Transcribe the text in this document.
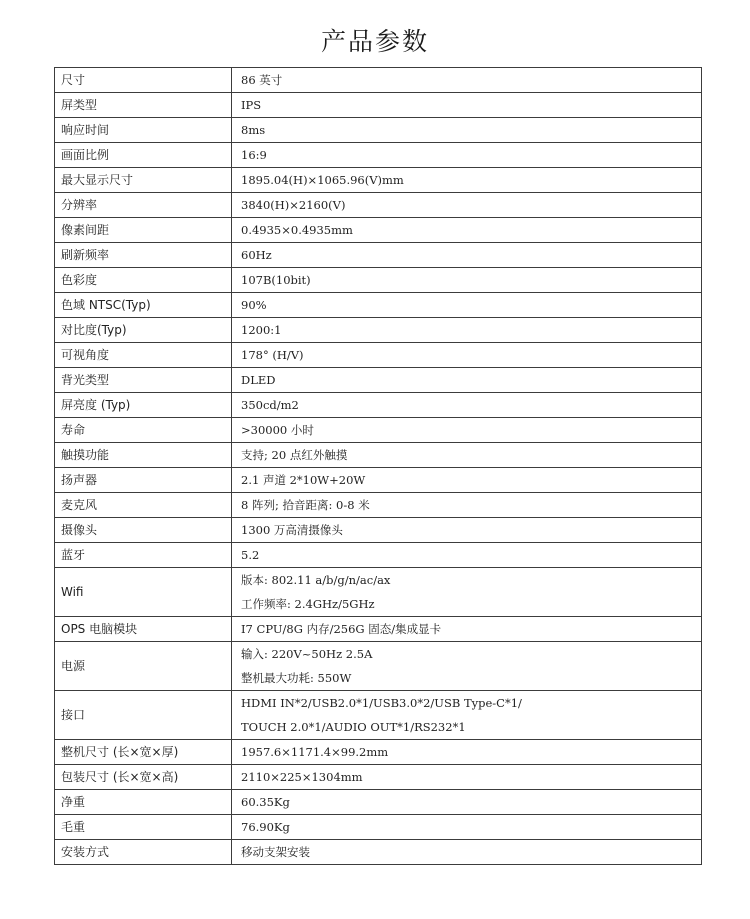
产品参数
尺寸	86 英寸

屏类型	IPS

响应时间	8ms

画面比例	16:9

最大显示尺寸	1895.04(H)×1065.96(V)mm

分辨率	3840(H)×2160(V)

像素间距	0.4935×0.4935mm

刷新频率	60Hz

色彩度	107B(10bit)

色域 NTSC(Typ)	90%

对比度(Typ)	1200:1

可视角度	178° (H/V)

背光类型	DLED

屏亮度 (Typ)	350cd/m2

寿命	>30000 小时

触摸功能	支持; 20 点红外触摸

扬声器	2.1 声道 2*10W+20W

麦克风	8 阵列; 拾音距离: 0-8 米

摄像头	1300 万高清摄像头

蓝牙	5.2

Wifi	版本: 802.11 a/b/g/n/ac/ax
工作频率: 2.4GHz/5GHz

OPS 电脑模块	I7 CPU/8G 内存/256G 固态/集成显卡

电源	输入: 220V~50Hz 2.5A
整机最大功耗: 550W

接口	HDMI IN*2/USB2.0*1/USB3.0*2/USB Type-C*1/
TOUCH 2.0*1/AUDIO OUT*1/RS232*1

整机尺寸 (长×宽×厚)	1957.6×1171.4×99.2mm

包装尺寸 (长×宽×高)	2110×225×1304mm

净重	60.35Kg

毛重	76.90Kg

安装方式	移动支架安装
